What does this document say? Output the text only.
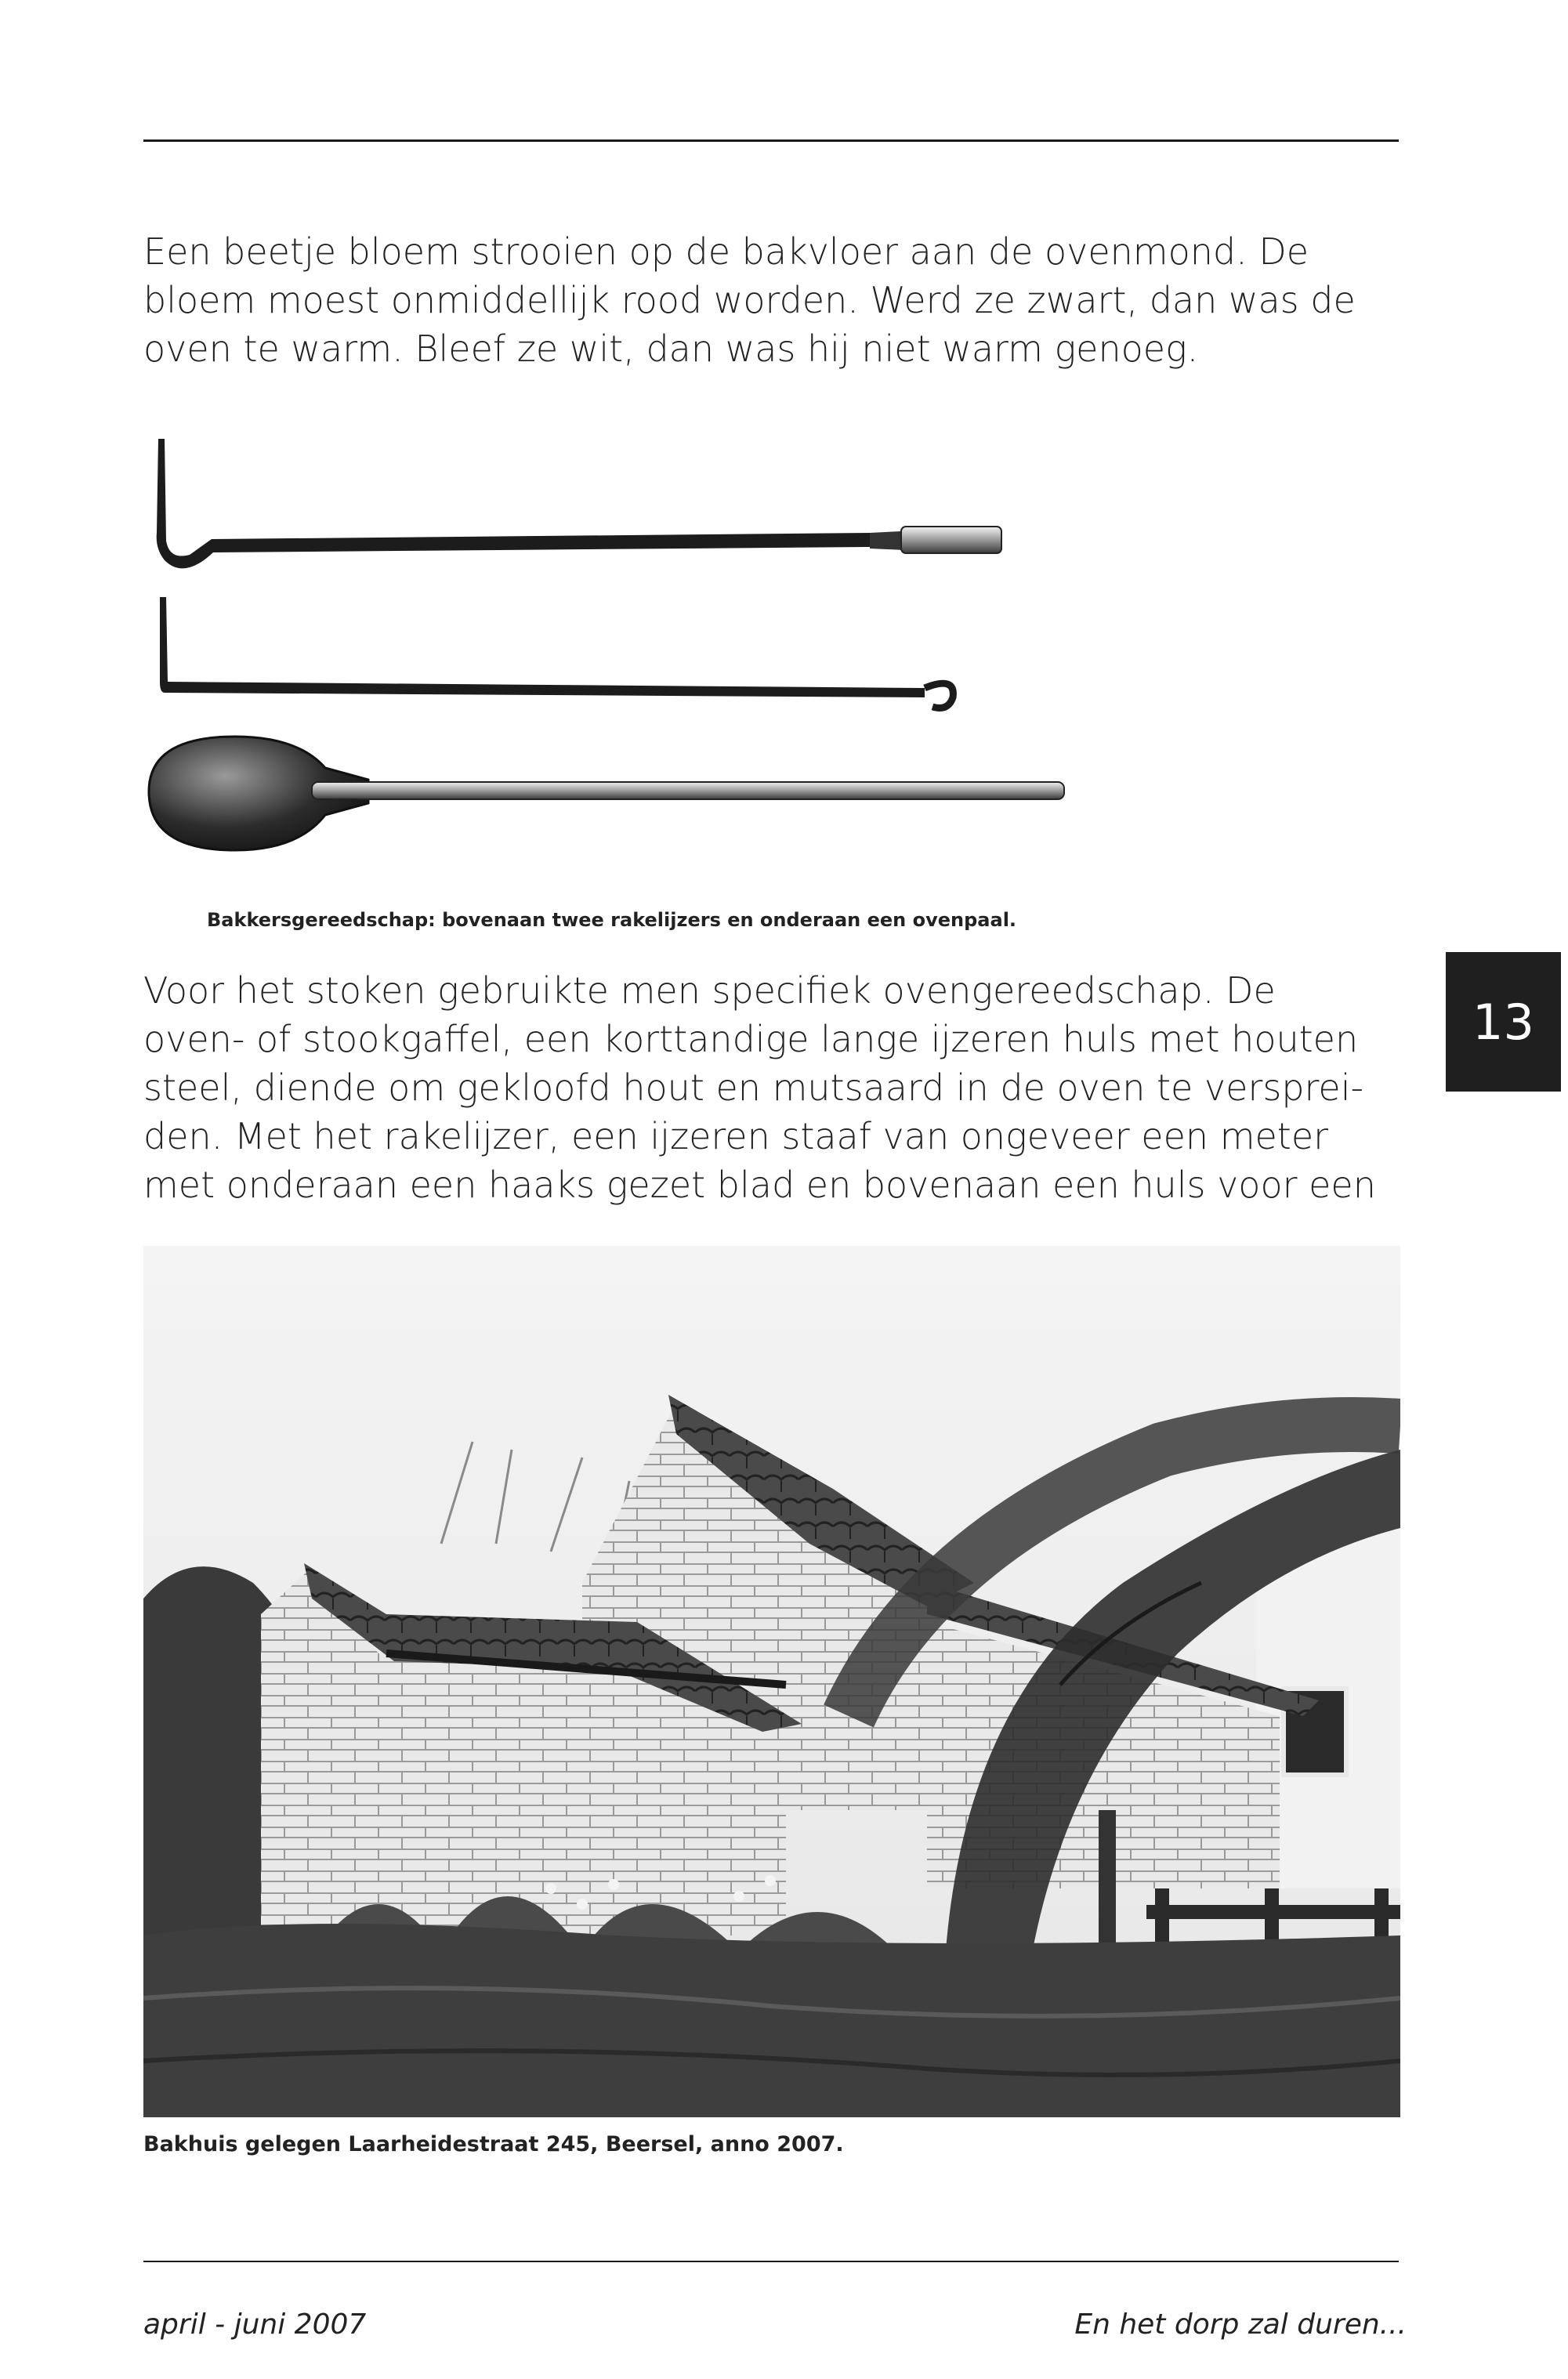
Een beetje bloem strooien op de bakvloer aan de ovenmond. De
bloem moest onmiddellijk rood worden. Werd ze zwart, dan was de
oven te warm. Bleef ze wit, dan was hij niet warm genoeg.

Bakkersgereedschap: bovenaan twee rakelijzers en onderaan een ovenpaal.

Voor het stoken gebruikte men specifiek ovengereedschap. De
oven- of stookgaffel, een korttandige lange ijzeren huls met houten
steel, diende om gekloofd hout en mutsaard in de oven te versprei-
den. Met het rakelijzer, een ijzeren staaf van ongeveer een meter
met onderaan een haaks gezet blad en bovenaan een huls voor een
13

Bakhuis gelegen Laarheidestraat 245, Beersel, anno 2007.

april - juni 2007	En het dorp zal duren...
